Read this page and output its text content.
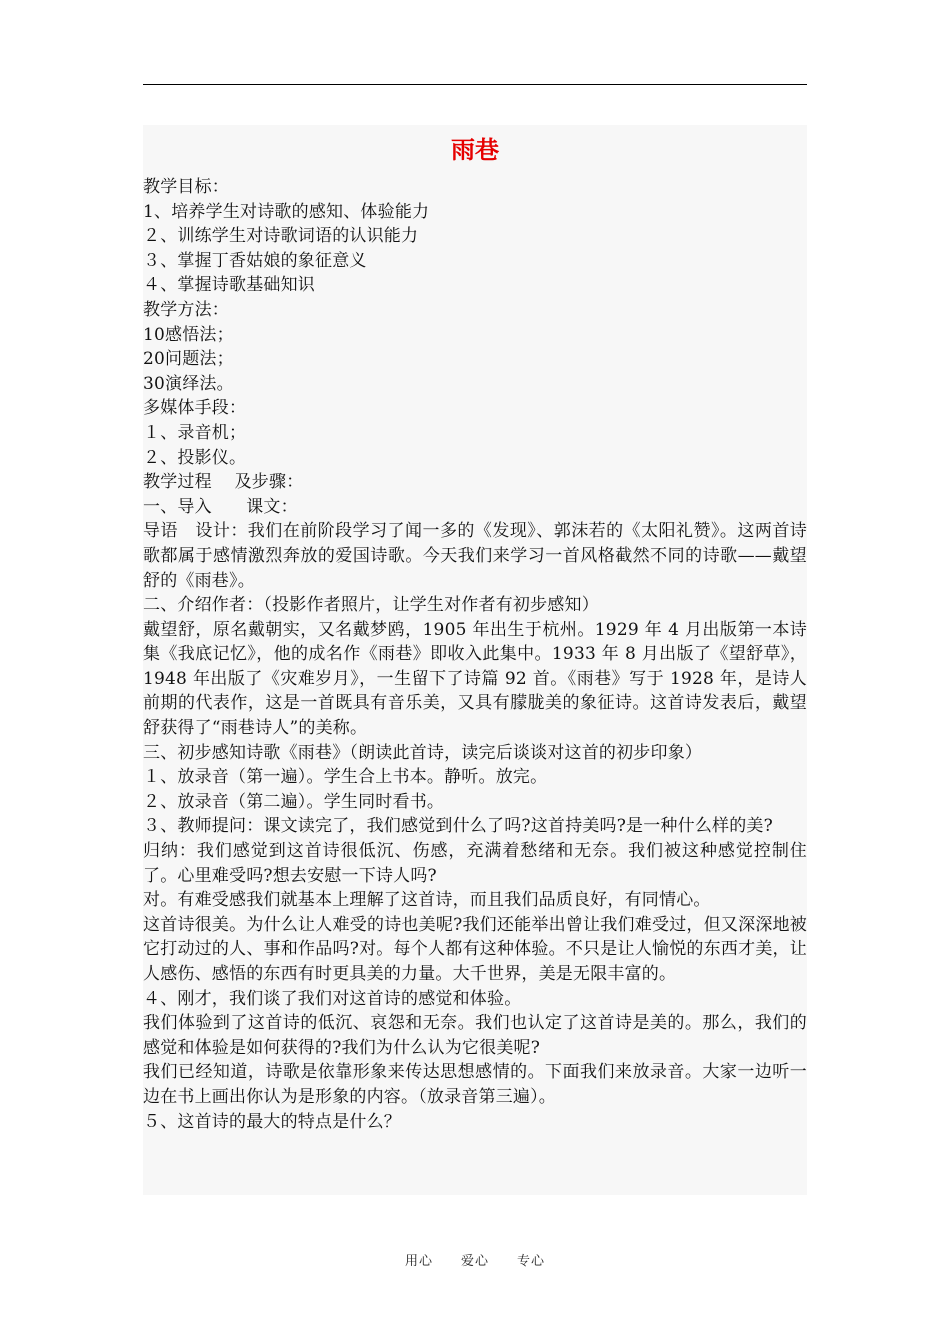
雨巷
教学目标：
1、培养学生对诗歌的感知、体验能力
２、训练学生对诗歌词语的认识能力
３、掌握丁香姑娘的象征意义
４、掌握诗歌基础知识
教学方法：
10感悟法；
20问题法；
30演绎法。
多媒体手段：
１、录音机；
２、投影仪。
教学过程　 及步骤：
一、导入　　课文：
导语　设计：我们在前阶段学习了闻一多的《发现》、郭沫若的《太阳礼赞》。这两首诗歌都属于感情激烈奔放的爱国诗歌。今天我们来学习一首风格截然不同的诗歌——戴望舒的《雨巷》。
二、介绍作者：（投影作者照片，让学生对作者有初步感知）
戴望舒，原名戴朝实，又名戴梦鸥，1905 年出生于杭州。1929 年 4 月出版第一本诗集《我底记忆》，他的成名作《雨巷》即收入此集中。1933 年 8 月出版了《望舒草》，1948 年出版了《灾难岁月》，一生留下了诗篇 92 首。《雨巷》写于 1928 年，是诗人前期的代表作，这是一首既具有音乐美，又具有朦胧美的象征诗。这首诗发表后，戴望舒获得了“雨巷诗人”的美称。
三、初步感知诗歌《雨巷》（朗读此首诗，读完后谈谈对这首的初步印象）
１、放录音（第一遍）。学生合上书本。静听。放完。
２、放录音（第二遍）。学生同时看书。
３、教师提问：课文读完了，我们感觉到什么了吗?这首持美吗?是一种什么样的美?
归纳：我们感觉到这首诗很低沉、伤感，充满着愁绪和无奈。我们被这种感觉控制住了。心里难受吗?想去安慰一下诗人吗?
对。有难受感我们就基本上理解了这首诗，而且我们品质良好，有同情心。
这首诗很美。为什么让人难受的诗也美呢?我们还能举出曾让我们难受过，但又深深地被它打动过的人、事和作品吗?对。每个人都有这种体验。不只是让人愉悦的东西才美，让人感伤、感悟的东西有时更具美的力量。大千世界，美是无限丰富的。
４、刚才，我们谈了我们对这首诗的感觉和体验。
我们体验到了这首诗的低沉、哀怨和无奈。我们也认定了这首诗是美的。那么，我们的感觉和体验是如何获得的?我们为什么认为它很美呢?
我们已经知道，诗歌是依靠形象来传达思想感情的。下面我们来放录音。大家一边听一边在书上画出你认为是形象的内容。（放录音第三遍）。
５、这首诗的最大的特点是什么？
用心　　爱心　　专心
